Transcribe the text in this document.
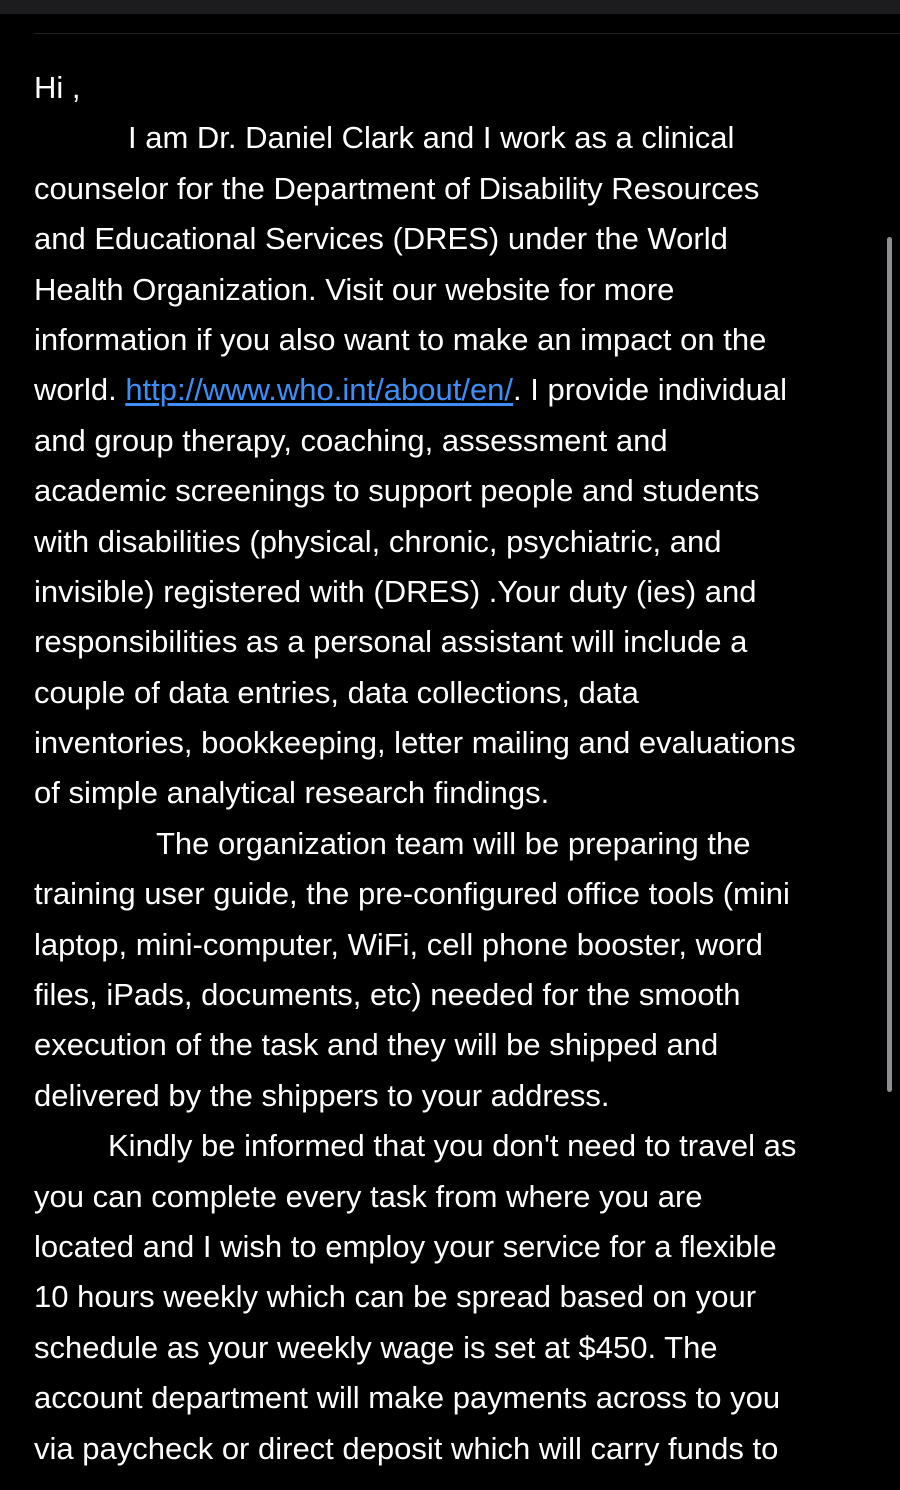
Hi ,
I am Dr. Daniel Clark and I work as a clinical
counselor for the Department of Disability Resources
and Educational Services (DRES) under the World
Health Organization. Visit our website for more
information if you also want to make an impact on the
world. http://www.who.int/about/en/. I provide individual
and group therapy, coaching, assessment and
academic screenings to support people and students
with disabilities (physical, chronic, psychiatric, and
invisible) registered with (DRES) .Your duty (ies) and
responsibilities as a personal assistant will include a
couple of data entries, data collections, data
inventories, bookkeeping, letter mailing and evaluations
of simple analytical research findings.
The organization team will be preparing the
training user guide, the pre-configured office tools (mini
laptop, mini-computer, WiFi, cell phone booster, word
files, iPads, documents, etc) needed for the smooth
execution of the task and they will be shipped and
delivered by the shippers to your address.
Kindly be informed that you don't need to travel as
you can complete every task from where you are
located and I wish to employ your service for a flexible
10 hours weekly which can be spread based on your
schedule as your weekly wage is set at $450. The
account department will make payments across to you
via paycheck or direct deposit which will carry funds to
